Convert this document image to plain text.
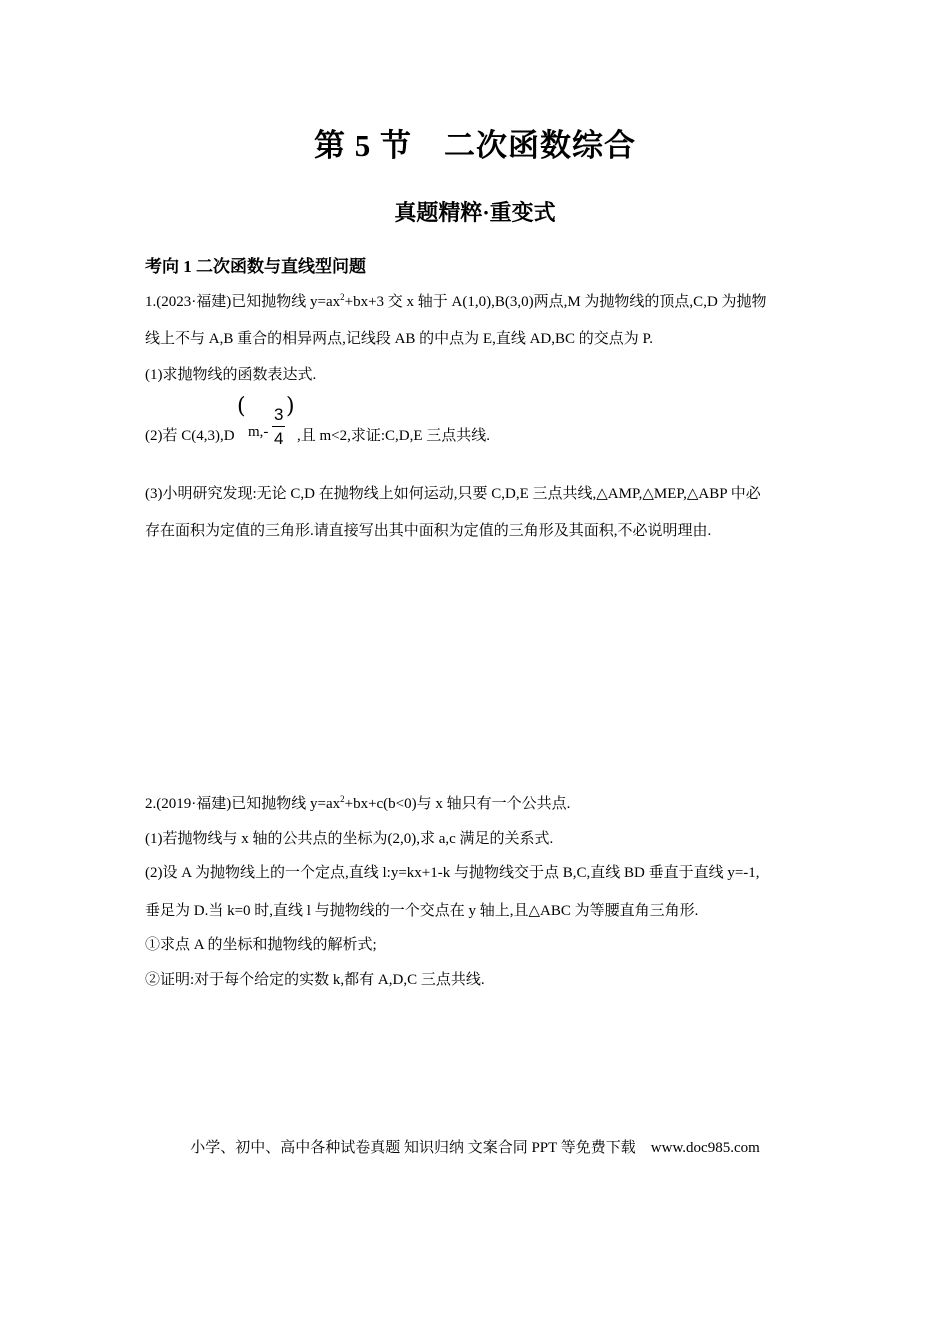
第 5 节　二次函数综合
真题精粹·重变式
考向 1 二次函数与直线型问题
1.(2023·福建)已知抛物线 $y=ax^2+bx+3$ 交 x 轴于 A(1,0),B(3,0)两点,M 为抛物线的顶点,C,D 为抛物
线上不与 A,B 重合的相异两点,记线段 AB 的中点为 E,直线 AD,BC 的交点为 P.
(1)求抛物线的函数表达式.
(2)若 C(4,3),D
(
m,-
3
4
)
,且 m<2,求证:C,D,E 三点共线.
(3)小明研究发现:无论 C,D 在抛物线上如何运动,只要 C,D,E 三点共线,△AMP,△MEP,△ABP 中必
存在面积为定值的三角形.请直接写出其中面积为定值的三角形及其面积,不必说明理由.
2.(2019·福建)已知抛物线 $y=ax^2+bx+c(b<0)$与 x 轴只有一个公共点.
(1)若抛物线与 x 轴的公共点的坐标为(2,0),求 a,c 满足的关系式.
(2)设 A 为抛物线上的一个定点,直线 l:y=kx+1-k 与抛物线交于点 B,C,直线 BD 垂直于直线 y=-1,
垂足为 D.当 k=0 时,直线 l 与抛物线的一个交点在 y 轴上,且△ABC 为等腰直角三角形.
①求点 A 的坐标和抛物线的解析式;
②证明:对于每个给定的实数 k,都有 A,D,C 三点共线.
小学、初中、高中各种试卷真题 知识归纳 文案合同 PPT 等免费下载　www.doc985.com
